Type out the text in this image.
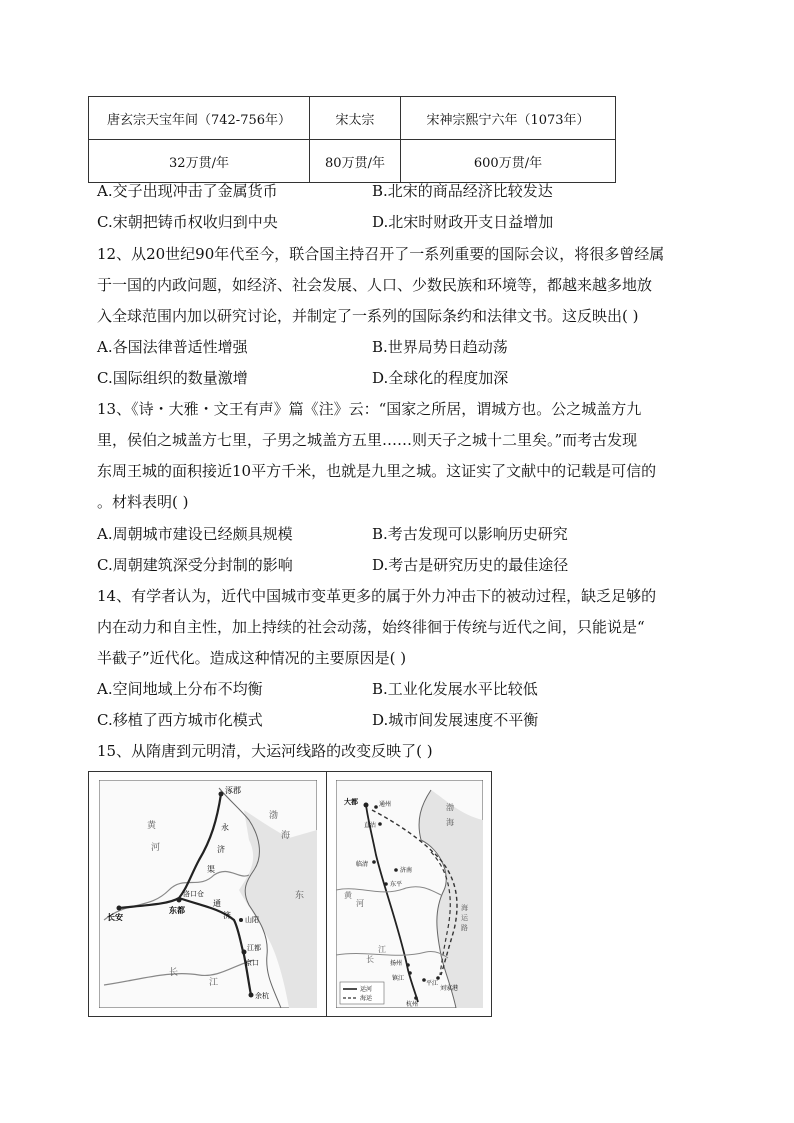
唐玄宗天宝年间（742-756年）	宋太宗	宋神宗熙宁六年（1073年）
32万贯/年	80万贯/年	600万贯/年
A.交子出现冲击了金属货币	B.北宋的商品经济比较发达
C.宋朝把铸币权收归到中央	D.北宋时财政开支日益增加
12、从20世纪90年代至今，联合国主持召开了一系列重要的国际会议，将很多曾经属
于一国的内政问题，如经济、社会发展、人口、少数民族和环境等，都越来越多地放
入全球范围内加以研究讨论，并制定了一系列的国际条约和法律文书。这反映出( )
A.各国法律普适性增强	B.世界局势日趋动荡
C.国际组织的数量激增	D.全球化的程度加深
13、《诗・大雅・文王有声》篇《注》云：“国家之所居，谓城方也。公之城盖方九
里，侯伯之城盖方七里，子男之城盖方五里……则天子之城十二里矣。”而考古发现
东周王城的面积接近10平方千米，也就是九里之城。这证实了文献中的记载是可信的
。材料表明( )
A.周朝城市建设已经颇具规模	B.考古发现可以影响历史研究
C.周朝建筑深受分封制的影响	D.考古是研究历史的最佳途径
14、有学者认为，近代中国城市变革更多的属于外力冲击下的被动过程，缺乏足够的
内在动力和自主性，加上持续的社会动荡，始终徘徊于传统与近代之间，只能说是“
半截子”近代化。造成这种情况的主要原因是( )
A.空间地域上分布不均衡	B.工业化发展水平比较低
C.移植了西方城市化模式	D.城市间发展速度不平衡
15、从隋唐到元明清，大运河线路的改变反映了( )
涿郡
永
济
渠
通
济
长安
东都
洛口仓
山阳
江都
京口
余杭
黄
河
渤
海
东
长
江
大都	通州
直沽
临清
济南
东平
扬州
镇江
平江
杭州
刘家港
渤
海
黄
河
长
江
海
运
路
运河
海运
